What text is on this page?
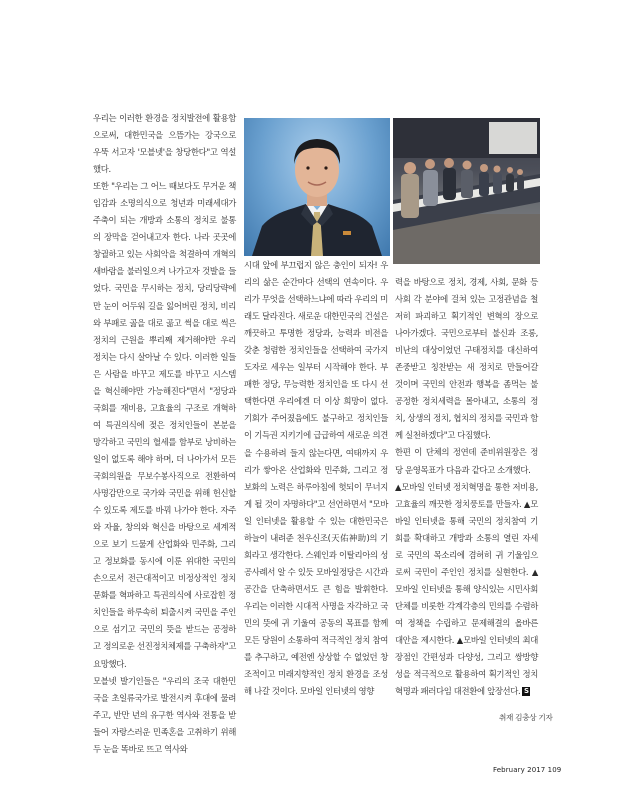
우리는 이러한 환경을 정치발전에 활용함으로써, 대한민국을 으뜸가는 강국으로 우뚝 서고자 '모블넷'을 창당한다"고 역설했다.

또한 "우리는 그 어느 때보다도 무거운 책임감과 소명의식으로 청년과 미래세대가 주축이 되는 개방과 소통의 정치로 불통의 장막을 걷어내고자 한다. 나라 곳곳에 창궐하고 있는 사회악을 척결하여 개혁의 새바람을 불러일으켜 나가고자 것발을 들었다. 국민을 무시하는 정치, 당리당략에만 눈이 어두워 길을 잃어버린 정치, 비리와 부패로 곪을 대로 곪고 썩을 대로 썩은 정치의 근원을 뿌리째 제거해야만 우리 정치는 다시 살아날 수 있다. 이러한 일들은 사람을 바꾸고 제도를 바꾸고 시스템을 혁신해야만 가능해진다"면서 "정당과 국회를 재비용, 고효율의 구조로 개혁하여 특권의식에 젖은 정치인들이 본분을 망각하고 국민의 혈세를 함부로 낭비하는 일이 없도록 해야 하며, 더 나아가서 모든 국회의원을 무보수봉사직으로 전환하여 사명감만으로 국가와 국민을 위해 헌신할 수 있도록 제도를 바꿔 나가야 한다. 자주와 자율, 창의와 혁신을 바탕으로 세계적으로 보기 드물게 산업화와 민주화, 그리고 정보화를 동시에 이룬 위대한 국민의 손으로서 전근대적이고 비정상적인 정치문화를 혁파하고 특권의식에 사로잡힌 정치인들을 하루속히 퇴출시켜 국민을 주인으로 섬기고 국민의 뜻을 받드는 공정하고 정의로운 선진정치체제를 구축하자"고 요망했다.

모블넷 발기인들은 "우리의 조국 대한민국을 초일류국가로 발전시켜 후대에 물려주고, 반만 년의 유구한 역사와 전통을 받들어 자랑스러운 민족혼을 고취하기 위해 두 눈을 똑바로 뜨고 역사와

시대 앞에 부끄럽지 않은 충인이 되자! 우리의 삶은 순간마다 선택의 연속이다. 우리가 무엇을 선택하느냐에 따라 우리의 미래도 달라진다. 새로운 대한민국의 건설은 깨끗하고 투명한 정당과, 능력과 비전을 갖춘 청렴한 정치인들을 선택하여 국가지도자로 세우는 일부터 시작해야 한다. 부패한 정당, 무능력한 정치인을 또 다시 선택한다면 우리에겐 더 이상 희망이 없다. 기회가 주어졌음에도 불구하고 정치인들이 기득권 지키기에 급급하여 새로운 의견을 수용하려 들지 않는다면, 여태까지 우리가 쌓아온 산업화와 민주화, 그리고 정보화의 노력은 하루아침에 헛되이 무너지게 될 것이 자명하다"고 선언하면서 "모바일 인터넷을 활용할 수 있는 대한민국은 하늘이 내려준 천우신조(天佑神助)의 기회라고 생각한다. 스웨인과 이탈리아의 성공사례서 알 수 있듯 모바일정당은 시간과 공간을 단축하면서도 큰 힘을 발휘한다. 우리는 이러한 시대적 사명을 자각하고 국민의 뜻에 귀 기울여 공동의 목표를 함께 모든 당원이 소통하여 적극적인 정치 참여를 추구하고, 예전엔 상상할 수 없었던 창조적이고 미래지향적인 정치 환경을 조성해 나갈 것이다. 모바일 인터넷의 영향

력을 바탕으로 정치, 경제, 사회, 문화 등 사회 각 분야에 걸쳐 있는 고정관념을 철저히 파괴하고 획기적인 변혁의 장으로 나아가겠다. 국민으로부터 불신과 조롱, 비난의 대상이었던 구태정치를 대신하여 존중받고 칭찬받는 새 정치로 만들어갈 것이며 국민의 안전과 행복을 좀먹는 불공정한 정치세력을 몰아내고, 소통의 정치, 상생의 정치, 협치의 정치를 국민과 함께 실천하겠다"고 다짐했다.

한편 이 단체의 정연데 준비위원장은 정당 운영목표가 다음과 같다고 소개했다.

▲모바일 인터넷 정치혁명을 통한 저비용, 고효율의 깨끗한 정치풍토를 만들자. ▲모바일 인터넷을 통해 국민의 정치참여 기회를 확대하고 개방과 소통의 열린 자세로 국민의 목소리에 겸허히 귀 기울임으로써 국민이 주인인 정치를 실현한다. ▲모바일 인터넷을 통해 양식있는 시민사회단체를 비롯한 각계각층의 민의를 수렴하여 정책을 수립하고 문제해결의 올바른 대안을 제시한다. ▲모바일 인터넷의 최대 장점인 간편성과 다양성, 그리고 쌍방향성을 적극적으로 활용하여 획기적인 정치혁명과 패러다임 대전환에 앞장선다. S

취재 김충상 기자
February 2017 109
